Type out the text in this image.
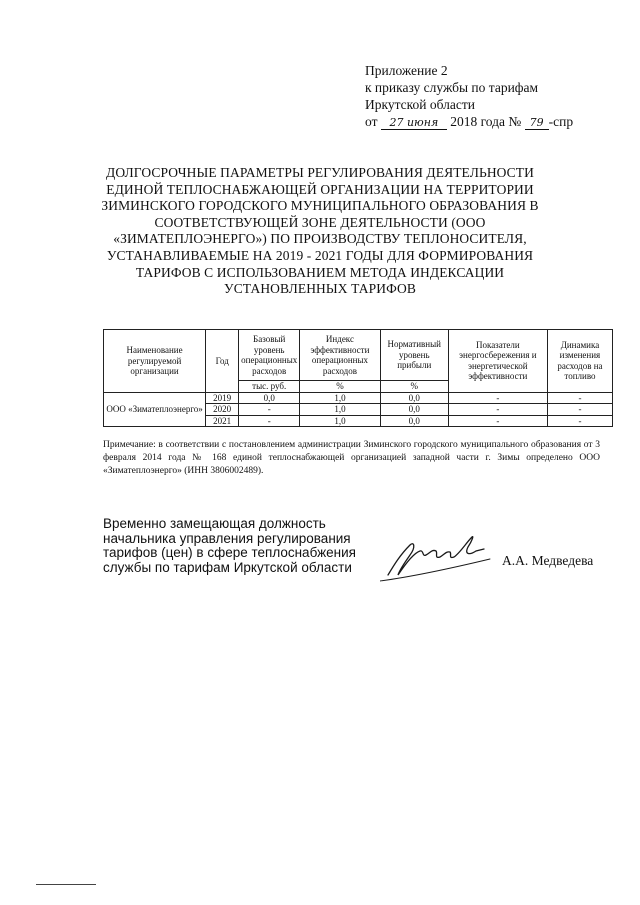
Приложение 2
к приказу службы по тарифам
Иркутской области
от 27 июня 2018 года № 79 -спр
ДОЛГОСРОЧНЫЕ ПАРАМЕТРЫ РЕГУЛИРОВАНИЯ ДЕЯТЕЛЬНОСТИ ЕДИНОЙ ТЕПЛОСНАБЖАЮЩЕЙ ОРГАНИЗАЦИИ НА ТЕРРИТОРИИ ЗИМИНСКОГО ГОРОДСКОГО МУНИЦИПАЛЬНОГО ОБРАЗОВАНИЯ В СООТВЕТСТВУЮЩЕЙ ЗОНЕ ДЕЯТЕЛЬНОСТИ (ООО «ЗИМАТЕПЛОЭНЕРГО») ПО ПРОИЗВОДСТВУ ТЕПЛОНОСИТЕЛЯ, УСТАНАВЛИВАЕМЫЕ НА 2019 - 2021 ГОДЫ ДЛЯ ФОРМИРОВАНИЯ ТАРИФОВ С ИСПОЛЬЗОВАНИЕМ МЕТОДА ИНДЕКСАЦИИ УСТАНОВЛЕННЫХ ТАРИФОВ
Наименование регулируемой организации	Год	Базовый уровень операционных расходов	Индекс эффективности операционных расходов	Нормативный уровень прибыли	Показатели энергосбережения и энергетической эффективности	Динамика изменения расходов на топливо
		тыс. руб.	%	%		
ООО «Зиматеплоэнерго»	2019	0,0	1,0	0,0	-	-
	2020	-	1,0	0,0	-	-
	2021	-	1,0	0,0	-	-
Примечание: в соответствии с постановлением администрации Зиминского городского муниципального образования от 3 февраля 2014 года № 168 единой теплоснабжающей организацией западной части г. Зимы определено ООО «Зиматеплоэнерго» (ИНН 3806002489).
Временно замещающая должность начальника управления регулирования тарифов (цен) в сфере теплоснабжения службы по тарифам Иркутской области	А.А. Медведева
